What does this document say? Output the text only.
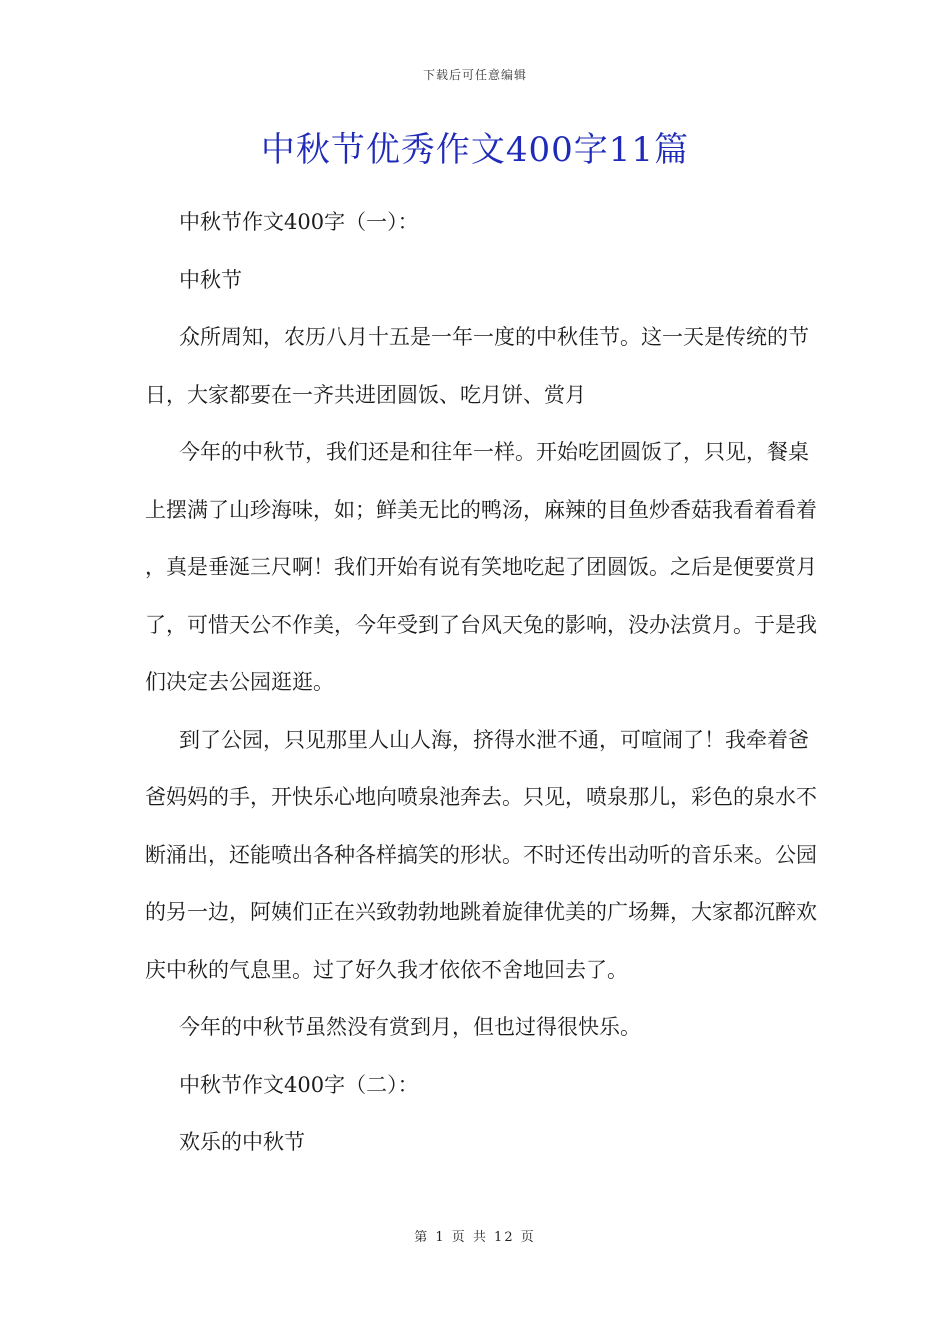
下载后可任意编辑
中秋节优秀作文400字11篇

中秋节作文400字（一）：

中秋节

众所周知，农历八月十五是一年一度的中秋佳节。这一天是传统的节日，大家都要在一齐共进团圆饭、吃月饼、赏月

今年的中秋节，我们还是和往年一样。开始吃团圆饭了，只见，餐桌上摆满了山珍海味，如；鲜美无比的鸭汤，麻辣的目鱼炒香菇我看着看着，真是垂涎三尺啊！我们开始有说有笑地吃起了团圆饭。之后是便要赏月了，可惜天公不作美，今年受到了台风天兔的影响，没办法赏月。于是我们决定去公园逛逛。

到了公园，只见那里人山人海，挤得水泄不通，可喧闹了！我牵着爸爸妈妈的手，开快乐心地向喷泉池奔去。只见，喷泉那儿，彩色的泉水不断涌出，还能喷出各种各样搞笑的形状。不时还传出动听的音乐来。公园的另一边，阿姨们正在兴致勃勃地跳着旋律优美的广场舞，大家都沉醉欢庆中秋的气息里。过了好久我才依依不舍地回去了。

今年的中秋节虽然没有赏到月，但也过得很快乐。

中秋节作文400字（二）：

欢乐的中秋节

第 1 页 共 12 页
